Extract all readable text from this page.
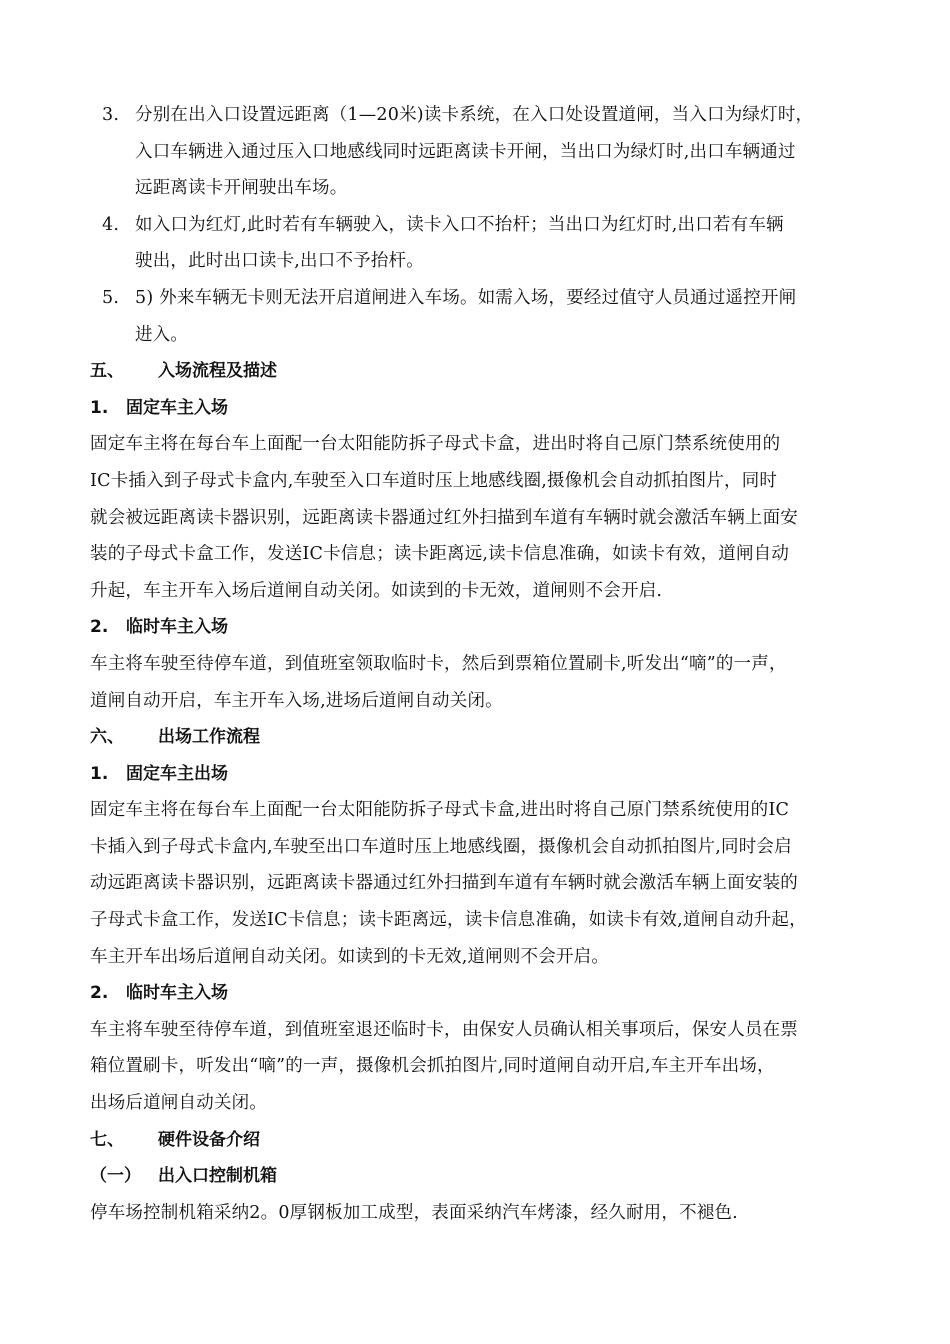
3. 分别在出入口设置远距离（1—20米)读卡系统，在入口处设置道闸，当入口为绿灯时，
入口车辆进入通过压入口地感线同时远距离读卡开闸，当出口为绿灯时,出口车辆通过
远距离读卡开闸驶出车场。
4. 如入口为红灯,此时若有车辆驶入，读卡入口不抬杆；当出口为红灯时,出口若有车辆
驶出，此时出口读卡,出口不予抬杆。
5. 5) 外来车辆无卡则无法开启道闸进入车场。如需入场，要经过值守人员通过遥控开闸
进入。
五、 入场流程及描述
1. 固定车主入场

固定车主将在每台车上面配一台太阳能防拆子母式卡盒，进出时将自己原门禁系统使用的

IC卡插入到子母式卡盒内,车驶至入口车道时压上地感线圈,摄像机会自动抓拍图片，同时

就会被远距离读卡器识别，远距离读卡器通过红外扫描到车道有车辆时就会激活车辆上面安

装的子母式卡盒工作，发送IC卡信息；读卡距离远,读卡信息准确，如读卡有效，道闸自动

升起，车主开车入场后道闸自动关闭。如读到的卡无效，道闸则不会开启.

2. 临时车主入场

车主将车驶至待停车道，到值班室领取临时卡，然后到票箱位置刷卡,听发出“嘀”的一声，

道闸自动开启，车主开车入场,进场后道闸自动关闭。

六、 出场工作流程
1. 固定车主出场

固定车主将在每台车上面配一台太阳能防拆子母式卡盒,进出时将自己原门禁系统使用的IC

卡插入到子母式卡盒内,车驶至出口车道时压上地感线圈，摄像机会自动抓拍图片,同时会启

动远距离读卡器识别，远距离读卡器通过红外扫描到车道有车辆时就会激活车辆上面安装的

子母式卡盒工作，发送IC卡信息；读卡距离远，读卡信息准确，如读卡有效,道闸自动升起，

车主开车出场后道闸自动关闭。如读到的卡无效,道闸则不会开启。

2. 临时车主入场

车主将车驶至待停车道，到值班室退还临时卡，由保安人员确认相关事项后，保安人员在票

箱位置刷卡，听发出“嘀”的一声，摄像机会抓拍图片,同时道闸自动开启,车主开车出场，

出场后道闸自动关闭。

七、 硬件设备介绍
（一） 出入口控制机箱

停车场控制机箱采纳2。0厚钢板加工成型，表面采纳汽车烤漆，经久耐用，不褪色.
